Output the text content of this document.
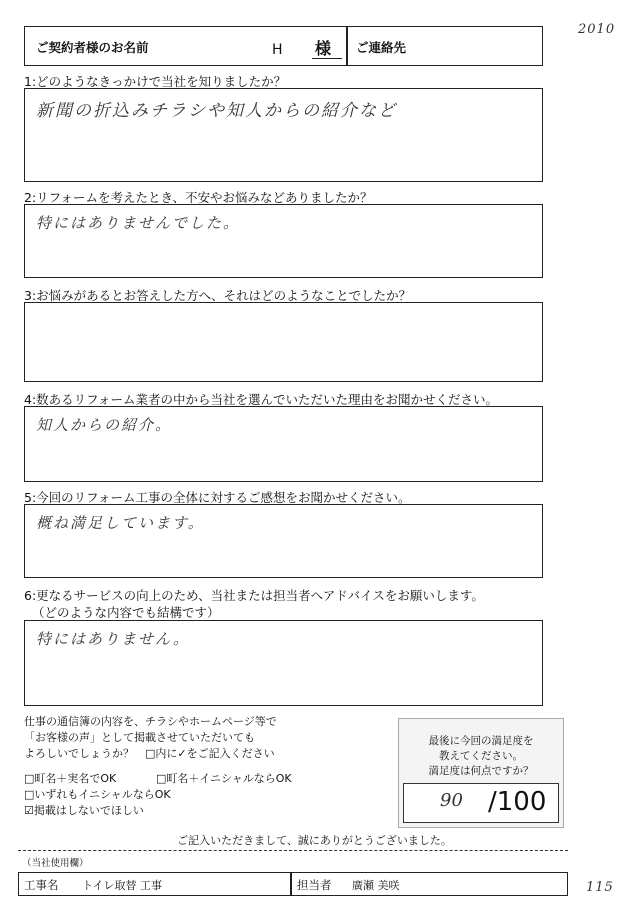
2010
115
ご契約者様のお名前	H 様 ご連絡先
1:どのようなきっかけで当社を知りましたか？
新聞の折込みチラシや知人からの紹介など
2:リフォームを考えたとき、不安やお悩みなどありましたか？
特にはありませんでした。
3:お悩みがあるとお答えした方へ、それはどのようなことでしたか？
4:数あるリフォーム業者の中から当社を選んでいただいた理由をお聞かせください。
知人からの紹介。
5:今回のリフォーム工事の全体に対するご感想をお聞かせください。
概ね満足しています。
6:更なるサービスの向上のため、当社または担当者へアドバイスをお願いします。
（どのような内容でも結構です）
特にはありません。
仕事の通信簿の内容を、チラシやホームページ等で
「お客様の声」として掲載させていただいても
よろしいでしょうか？　□内に✓をご記入ください
□町名＋実名でOK	□町名＋イニシャルならOK
□いずれもイニシャルならOK
☑掲載はしないでほしい
最後に今回の満足度を
教えてください。
満足度は何点ですか？
90 /100
ご記入いただきまして、誠にありがとうございました。
（当社使用欄）
工事名 トイレ取替 工事	担当者 廣瀬 美咲
